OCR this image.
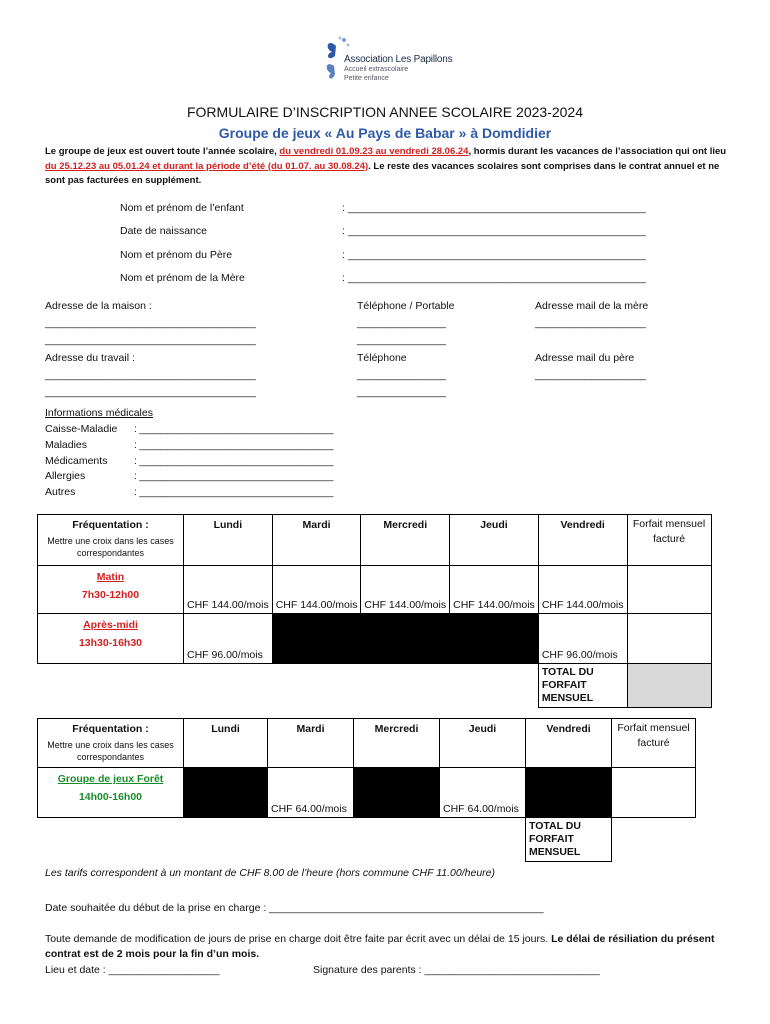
Association Les Papillons
Accueil extrascolaire
Petite enfance
FORMULAIRE D’INSCRIPTION ANNEE SCOLAIRE 2023-2024
Groupe de jeux « Au Pays de Babar » à Domdidier
Le groupe de jeux est ouvert toute l’année scolaire, du vendredi 01.09.23 au vendredi 28.06.24, hormis durant les vacances de l’association qui ont lieu du 25.12.23 au 05.01.24 et durant la période d’été (du 01.07. au 30.08.24). Le reste des vacances scolaires sont comprises dans le contrat annuel et ne sont pas facturées en supplément.
Nom et prénom de l’enfant	: ___________________________________________________
Date de naissance	: ___________________________________________________
Nom et prénom du Père	: ___________________________________________________
Nom et prénom de la Mère	: ___________________________________________________
Adresse de la maison :
______________________________________
______________________________________
Téléphone / Portable
________________
________________
Adresse mail de la mère
____________________
Adresse du travail :
______________________________________
______________________________________
Téléphone
________________
________________
Adresse mail du père
____________________
Informations médicales
Caisse-Maladie : ___________________________________
Maladies	: ___________________________________
Médicaments	: ___________________________________
Allergies	: ___________________________________
Autres	: ___________________________________
Fréquentation :
Mettre une croix dans les cases correspondantes	Lundi	Mardi	Mercredi	Jeudi	Vendredi	Forfait mensuel facturé
Matin
7h30-12h00	CHF 144.00/mois	CHF 144.00/mois	CHF 144.00/mois	CHF 144.00/mois	CHF 144.00/mois	
Après-midi
13h30-16h30	CHF 96.00/mois				CHF 96.00/mois	
					TOTAL DU FORFAIT MENSUEL	
Fréquentation :
Mettre une croix dans les cases correspondantes	Lundi	Mardi	Mercredi	Jeudi	Vendredi	Forfait mensuel facturé
Groupe de jeux Forêt
14h00-16h00		CHF 64.00/mois		CHF 64.00/mois		
					TOTAL DU FORFAIT MENSUEL	
Les tarifs correspondent à un montant de CHF 8.00 de l’heure (hors commune CHF 11.00/heure)
Date souhaitée du début de la prise en charge : _______________________________________________
Toute demande de modification de jours de prise en charge doit être faite par écrit avec un délai de 15 jours. Le délai de résiliation du présent contrat est de 2 mois pour la fin d’un mois.
Lieu et date : ___________________	Signature des parents : ______________________________
